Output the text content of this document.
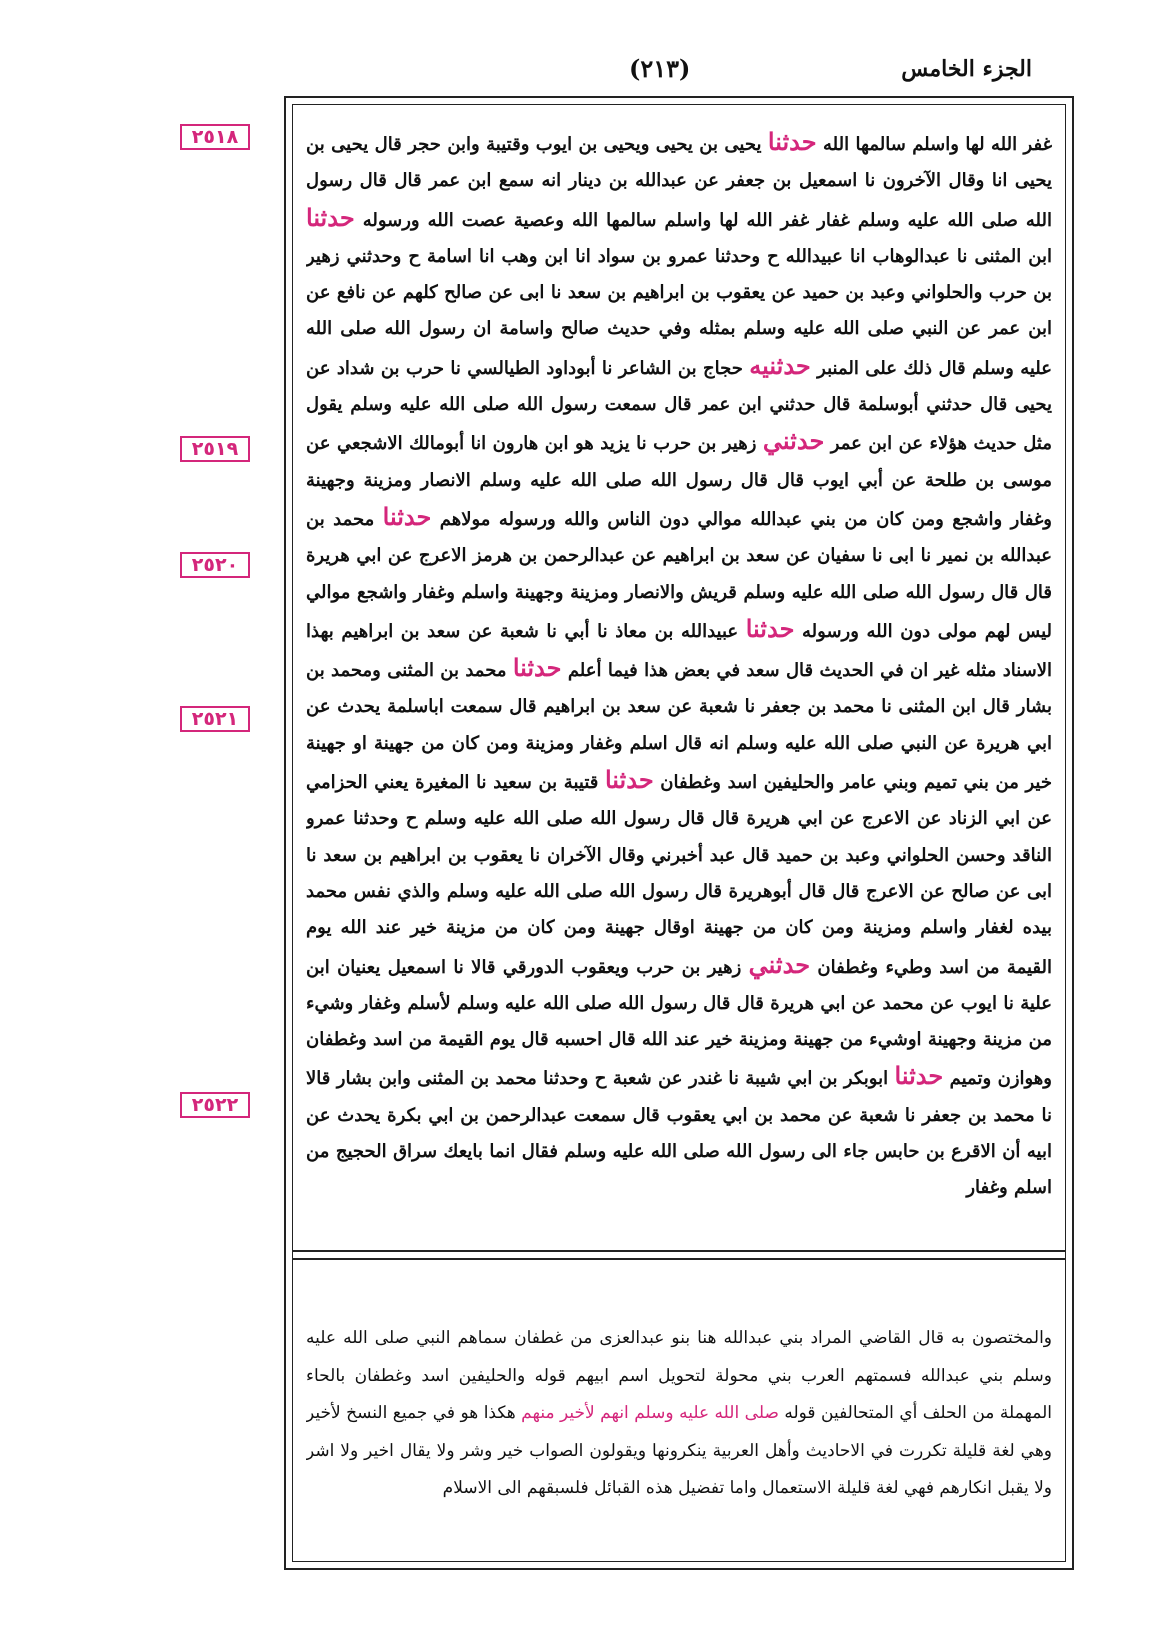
الجزء الخامس
(٢١٣)
٢٥١٨
٢٥١٩
٢٥٢٠
٢٥٢١
٢٥٢٢

غفر الله لها واسلم سالمها الله حدثنا يحيى بن يحيى ويحيى بن ايوب وقتيبة وابن حجر قال يحيى بن يحيى انا وقال الآخرون نا اسمعيل بن جعفر عن عبدالله بن دينار انه سمع ابن عمر قال قال رسول الله صلى الله عليه وسلم غفار غفر الله لها واسلم سالمها الله وعصية عصت الله ورسوله حدثنا ابن المثنى نا عبدالوهاب انا عبيدالله ح وحدثنا عمرو بن سواد انا ابن وهب انا اسامة ح وحدثني زهير بن حرب والحلواني وعبد بن حميد عن يعقوب بن ابراهيم بن سعد نا ابى عن صالح كلهم عن نافع عن ابن عمر عن النبي صلى الله عليه وسلم بمثله وفي حديث صالح واسامة ان رسول الله صلى الله عليه وسلم قال ذلك على المنبر حدثنيه حجاج بن الشاعر نا أبوداود الطيالسي نا حرب بن شداد عن يحيى قال حدثني أبوسلمة قال حدثني ابن عمر قال سمعت رسول الله صلى الله عليه وسلم يقول مثل حديث هؤلاء عن ابن عمر حدثني زهير بن حرب نا يزيد هو ابن هارون انا أبومالك الاشجعي عن موسى بن طلحة عن أبي ايوب قال قال رسول الله صلى الله عليه وسلم الانصار ومزينة وجهينة وغفار واشجع ومن كان من بني عبدالله موالي دون الناس والله ورسوله مولاهم حدثنا محمد بن عبدالله بن نمير نا ابى نا سفيان عن سعد بن ابراهيم عن عبدالرحمن بن هرمز الاعرج عن ابي هريرة قال قال رسول الله صلى الله عليه وسلم قريش والانصار ومزينة وجهينة واسلم وغفار واشجع موالي ليس لهم مولى دون الله ورسوله حدثنا عبيدالله بن معاذ نا أبي نا شعبة عن سعد بن ابراهيم بهذا الاسناد مثله غير ان في الحديث قال سعد في بعض هذا فيما أعلم حدثنا محمد بن المثنى ومحمد بن بشار قال ابن المثنى نا محمد بن جعفر نا شعبة عن سعد بن ابراهيم قال سمعت اباسلمة يحدث عن ابي هريرة عن النبي صلى الله عليه وسلم انه قال اسلم وغفار ومزينة ومن كان من جهينة او جهينة خير من بني تميم وبني عامر والحليفين اسد وغطفان حدثنا قتيبة بن سعيد نا المغيرة يعني الحزامي عن ابي الزناد عن الاعرج عن ابي هريرة قال قال رسول الله صلى الله عليه وسلم ح وحدثنا عمرو الناقد وحسن الحلواني وعبد بن حميد قال عبد أخبرني وقال الآخران نا يعقوب بن ابراهيم بن سعد نا ابى عن صالح عن الاعرج قال قال أبوهريرة قال رسول الله صلى الله عليه وسلم والذي نفس محمد بيده لغفار واسلم ومزينة ومن كان من جهينة اوقال جهينة ومن كان من مزينة خير عند الله يوم القيمة من اسد وطيء وغطفان حدثني زهير بن حرب ويعقوب الدورقي قالا نا اسمعيل يعنيان ابن علية نا ايوب عن محمد عن ابي هريرة قال قال رسول الله صلى الله عليه وسلم لأسلم وغفار وشيء من مزينة وجهينة اوشيء من جهينة ومزينة خير عند الله قال احسبه قال يوم القيمة من اسد وغطفان وهوازن وتميم حدثنا ابوبكر بن ابي شيبة نا غندر عن شعبة ح وحدثنا محمد بن المثنى وابن بشار قالا نا محمد بن جعفر نا شعبة عن محمد بن ابي يعقوب قال سمعت عبدالرحمن بن ابي بكرة يحدث عن ابيه أن الاقرع بن حابس جاء الى رسول الله صلى الله عليه وسلم فقال انما بايعك سراق الحجيج من اسلم وغفار

والمختصون به قال القاضي المراد بني عبدالله هنا بنو عبدالعزى من غطفان سماهم النبي صلى الله عليه وسلم بني عبدالله فسمتهم العرب بني محولة لتحويل اسم ابيهم قوله والحليفين اسد وغطفان بالحاء المهملة من الحلف أي المتحالفين قوله صلى الله عليه وسلم انهم لأخير منهم هكذا هو في جميع النسخ لأخير وهي لغة قليلة تكررت في الاحاديث وأهل العربية ينكرونها ويقولون الصواب خير وشر ولا يقال اخير ولا اشر ولا يقبل انكارهم فهي لغة قليلة الاستعمال واما تفضيل هذه القبائل فلسبقهم الى الاسلام
